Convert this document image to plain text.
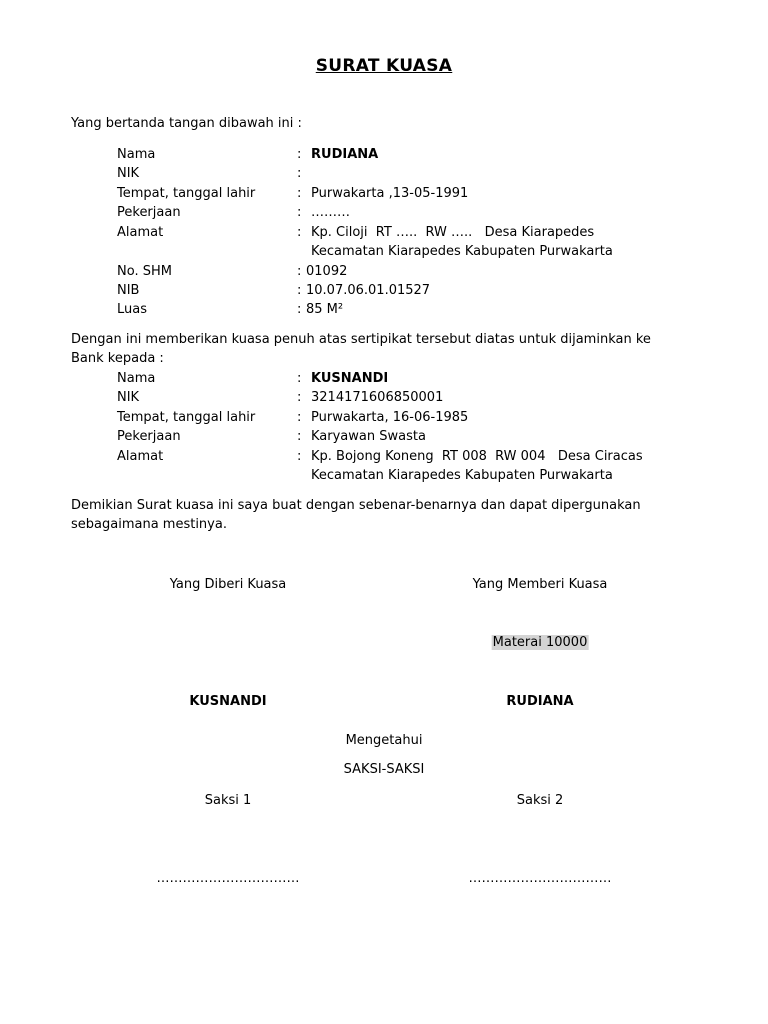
SURAT KUASA
Yang bertanda tangan dibawah ini :
Nama	: RUDIANA
NIK	:
Tempat, tanggal lahir	: Purwakarta ,13-05-1991
Pekerjaan	: ………
Alamat	: Kp. Ciloji  RT …..  RW …..   Desa Kiarapedes
Kecamatan Kiarapedes Kabupaten Purwakarta
No. SHM	: 01092
NIB	: 10.07.06.01.01527
Luas	: 85 M²
Dengan ini memberikan kuasa penuh atas sertipikat tersebut diatas untuk dijaminkan ke
Bank kepada :
Nama	: KUSNANDI
NIK	: 3214171606850001
Tempat, tanggal lahir	: Purwakarta, 16-06-1985
Pekerjaan	: Karyawan Swasta
Alamat	: Kp. Bojong Koneng  RT 008  RW 004   Desa Ciracas
Kecamatan Kiarapedes Kabupaten Purwakarta
Demikian Surat kuasa ini saya buat dengan sebenar-benarnya dan dapat dipergunakan
sebagaimana mestinya.
Yang Diberi Kuasa	Yang Memberi Kuasa
Materai 10000
KUSNANDI	RUDIANA
Mengetahui
SAKSI-SAKSI
Saksi 1	Saksi 2
……………………………	……………………………
